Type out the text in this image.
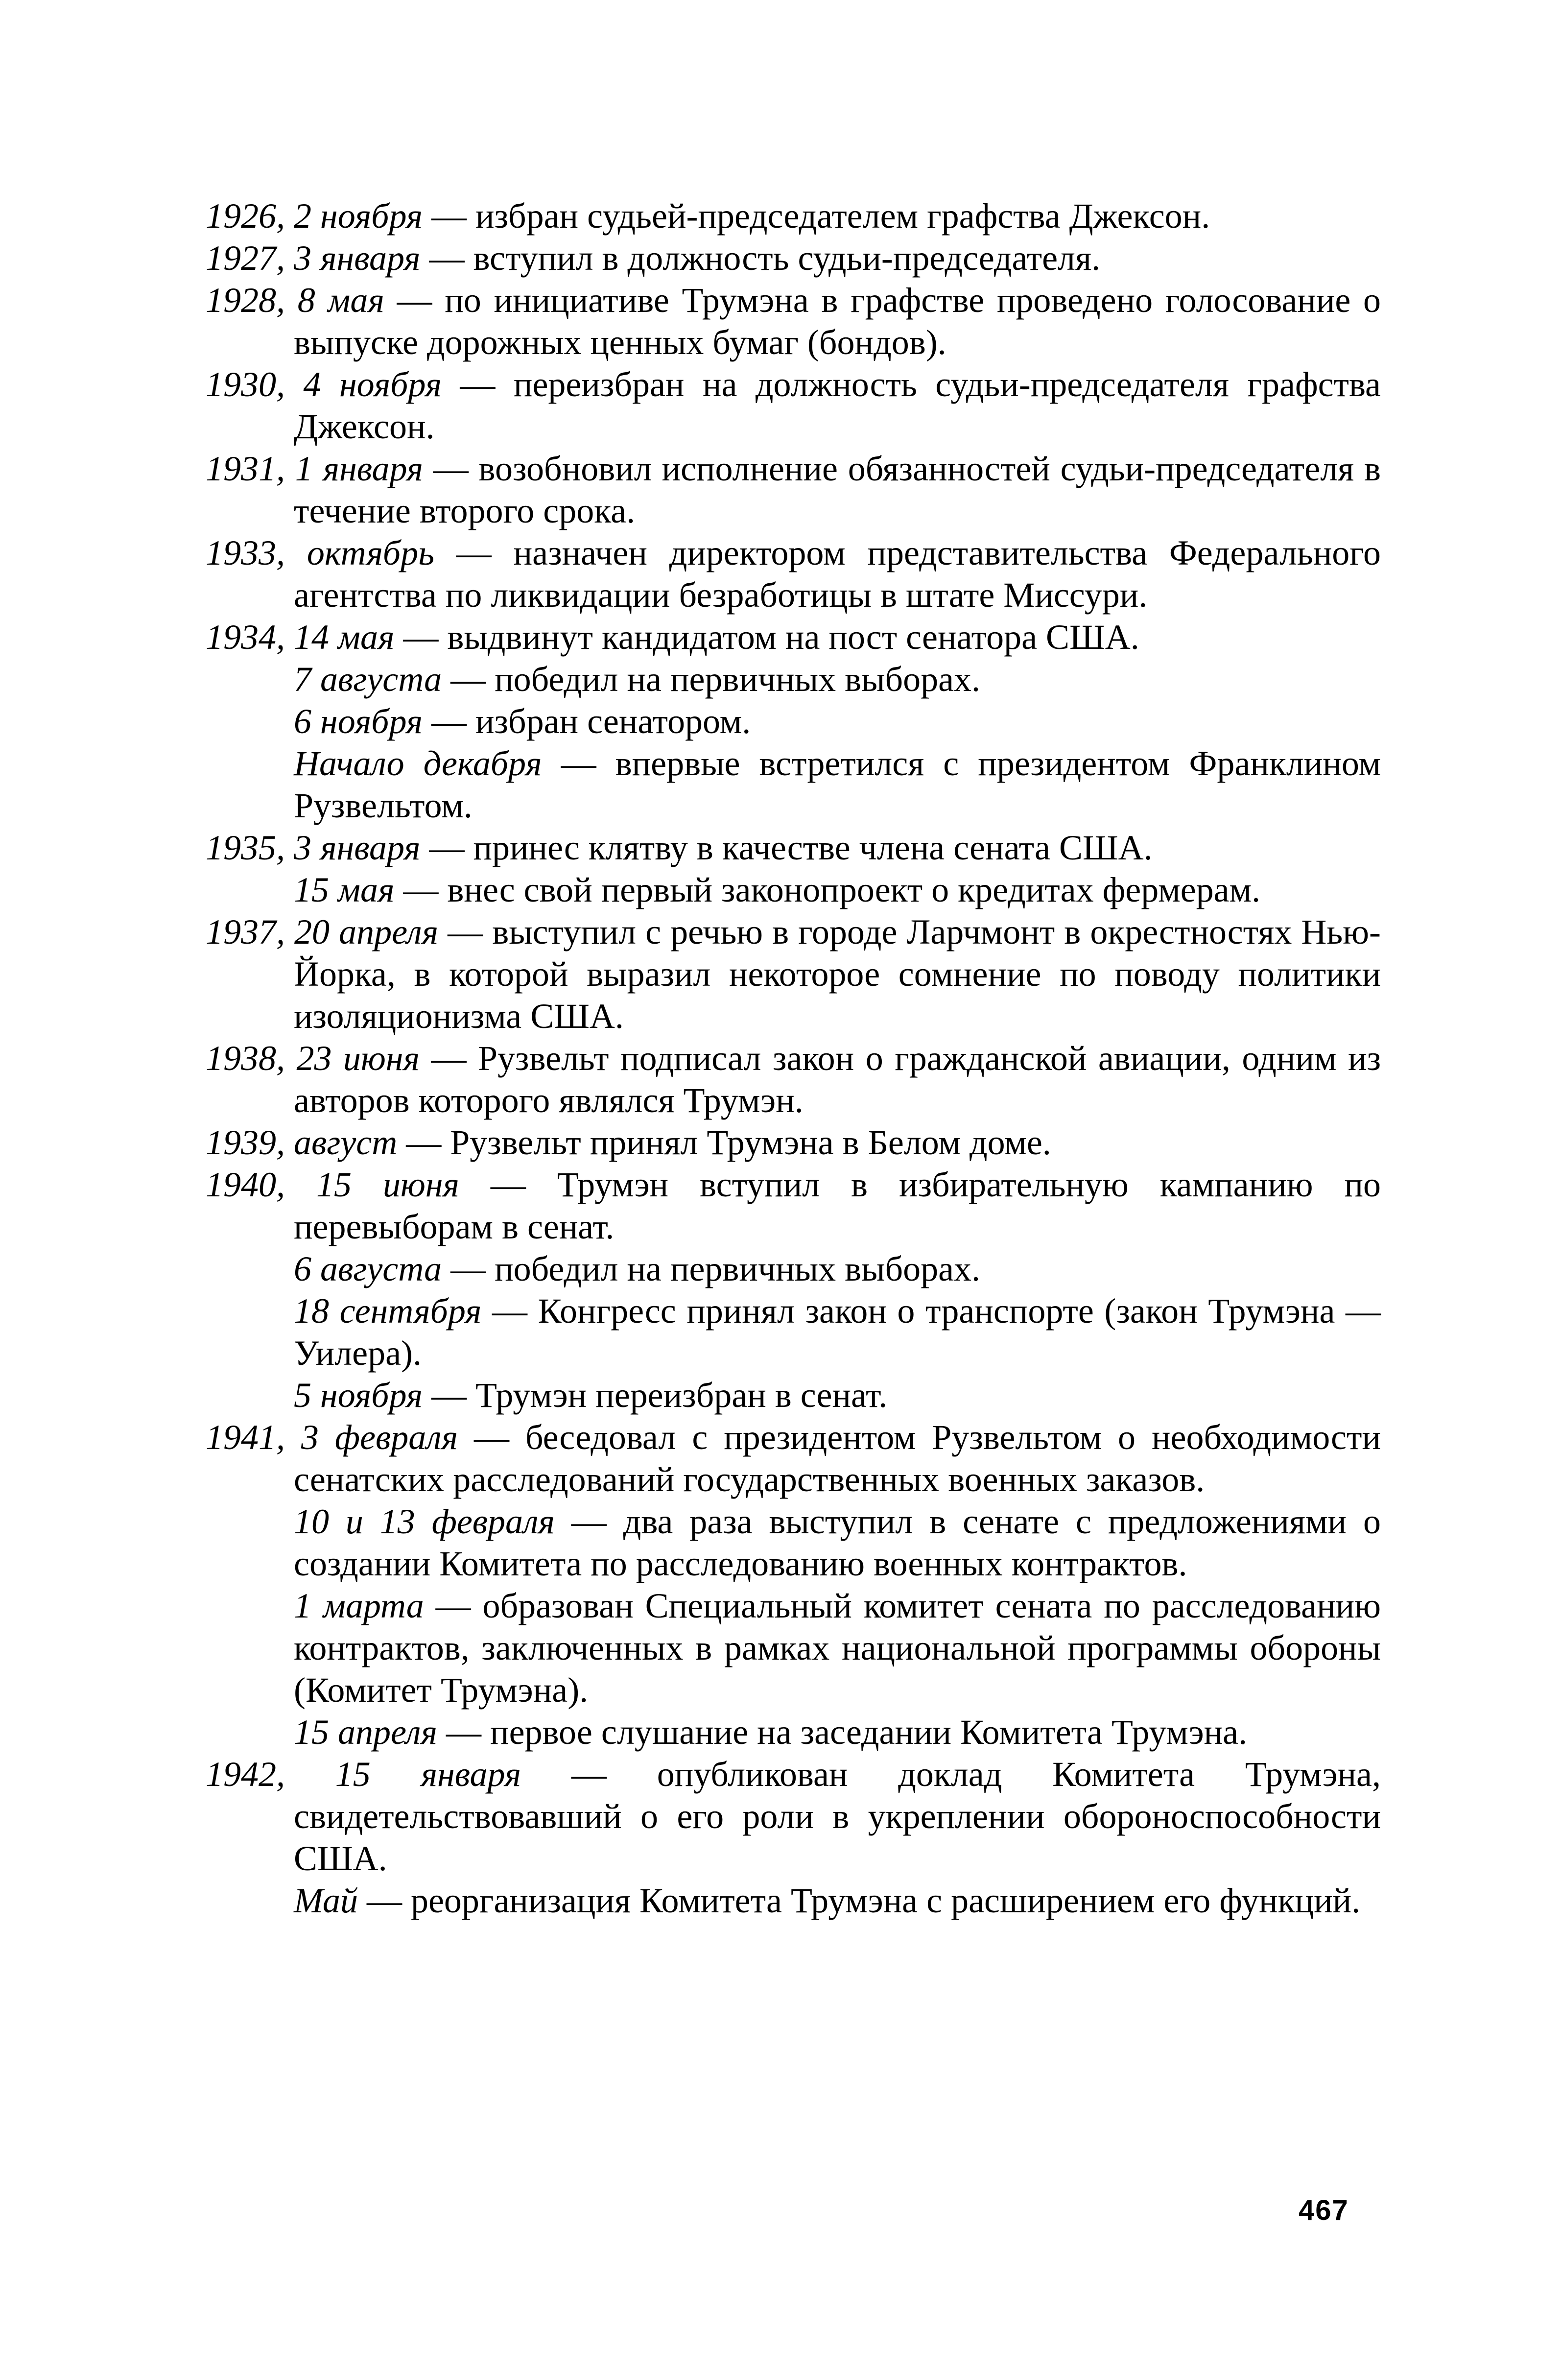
1926, 2 ноября — избран судьей-председателем графства Джексон.

1927, 3 января — вступил в должность судьи-председателя.

1928, 8 мая — по инициативе Трумэна в графстве проведено голосование о выпуске дорожных ценных бумаг (бондов).

1930, 4 ноября — переизбран на должность судьи-председателя графства Джексон.

1931, 1 января — возобновил исполнение обязанностей судьи-председателя в течение второго срока.

1933, октябрь — назначен директором представительства Федерального агентства по ликвидации безработицы в штате Миссури.

1934, 14 мая — выдвинут кандидатом на пост сенатора США.

7 августа — победил на первичных выборах.

6 ноября — избран сенатором.

Начало декабря — впервые встретился с президентом Франклином Рузвельтом.

1935, 3 января — принес клятву в качестве члена сената США.

15 мая — внес свой первый законопроект о кредитах фермерам.

1937, 20 апреля — выступил с речью в городе Ларчмонт в окрестностях Нью-Йорка, в которой выразил некоторое сомнение по поводу политики изоляционизма США.

1938, 23 июня — Рузвельт подписал закон о гражданской авиации, одним из авторов которого являлся Трумэн.

1939, август — Рузвельт принял Трумэна в Белом доме.

1940, 15 июня — Трумэн вступил в избирательную кампанию по перевыборам в сенат.

6 августа — победил на первичных выборах.

18 сентября — Конгресс принял закон о транспорте (закон Трумэна — Уилера).

5 ноября — Трумэн переизбран в сенат.

1941, 3 февраля — беседовал с президентом Рузвельтом о необходимости сенатских расследований государственных военных заказов.

10 и 13 февраля — два раза выступил в сенате с предложениями о создании Комитета по расследованию военных контрактов.

1 марта — образован Специальный комитет сената по расследованию контрактов, заключенных в рамках национальной программы обороны (Комитет Трумэна).

15 апреля — первое слушание на заседании Комитета Трумэна.

1942, 15 января — опубликован доклад Комитета Трумэна, свидетельствовавший о его роли в укреплении обороноспособности США.

Май — реорганизация Комитета Трумэна с расширением его функций.

467
